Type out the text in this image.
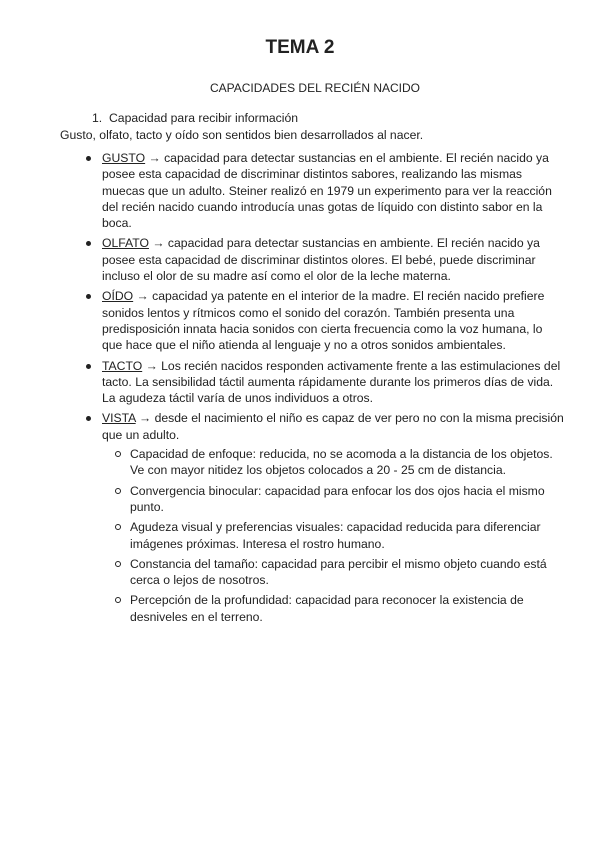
TEMA 2

CAPACIDADES DEL RECIÉN NACIDO

1. Capacidad para recibir información

Gusto, olfato, tacto y oído son sentidos bien desarrollados al nacer.

GUSTO → capacidad para detectar sustancias en el ambiente. El recién nacido ya posee esta capacidad de discriminar distintos sabores, realizando las mismas muecas que un adulto. Steiner realizó en 1979 un experimento para ver la reacción del recién nacido cuando introducía unas gotas de líquido con distinto sabor en la boca.
OLFATO → capacidad para detectar sustancias en ambiente. El recién nacido ya posee esta capacidad de discriminar distintos olores. El bebé, puede discriminar incluso el olor de su madre así como el olor de la leche materna.
OÍDO → capacidad ya patente en el interior de la madre. El recién nacido prefiere sonidos lentos y rítmicos como el sonido del corazón. También presenta una predisposición innata hacia sonidos con cierta frecuencia como la voz humana, lo que hace que el niño atienda al lenguaje y no a otros sonidos ambientales.
TACTO → Los recién nacidos responden activamente frente a las estimulaciones del tacto. La sensibilidad táctil aumenta rápidamente durante los primeros días de vida. La agudeza táctil varía de unos individuos a otros.
VISTA → desde el nacimiento el niño es capaz de ver pero no con la misma precisión que un adulto.
Capacidad de enfoque: reducida, no se acomoda a la distancia de los objetos. Ve con mayor nitidez los objetos colocados a 20 - 25 cm de distancia.
Convergencia binocular: capacidad para enfocar los dos ojos hacia el mismo punto.
Agudeza visual y preferencias visuales: capacidad reducida para diferenciar imágenes próximas. Interesa el rostro humano.
Constancia del tamaño: capacidad para percibir el mismo objeto cuando está cerca o lejos de nosotros.
Percepción de la profundidad: capacidad para reconocer la existencia de desniveles en el terreno.
